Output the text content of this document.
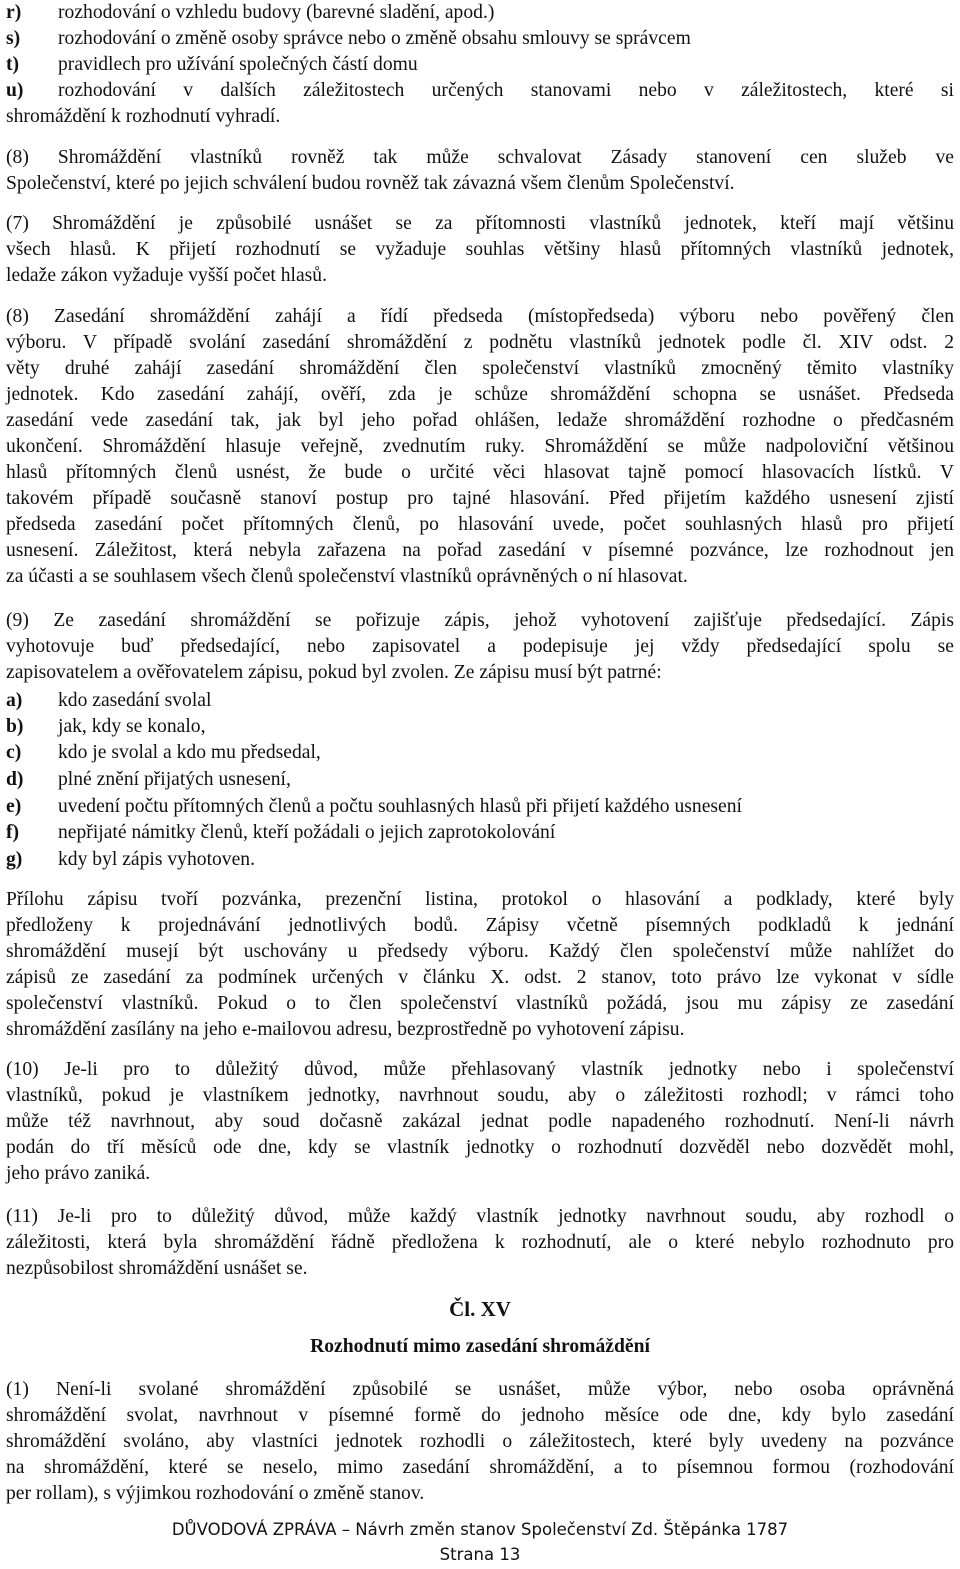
r) rozhodování o vzhledu budovy (barevné sladění, apod.)
s) rozhodování o změně osoby správce nebo o změně obsahu smlouvy se správcem
t) pravidlech pro užívání společných částí domu
u) rozhodování v dalších záležitostech určených stanovami nebo v záležitostech, které si
shromáždění k rozhodnutí vyhradí.
(8) Shromáždění vlastníků rovněž tak může schvalovat Zásady stanovení cen služeb ve
Společenství, které po jejich schválení budou rovněž tak závazná všem členům Společenství.
(7) Shromáždění je způsobilé usnášet se za přítomnosti vlastníků jednotek, kteří mají většinu
všech hlasů. K přijetí rozhodnutí se vyžaduje souhlas většiny hlasů přítomných vlastníků jednotek,
ledaže zákon vyžaduje vyšší počet hlasů.
(8) Zasedání shromáždění zahájí a řídí předseda (místopředseda) výboru nebo pověřený člen
výboru. V případě svolání zasedání shromáždění z podnětu vlastníků jednotek podle čl. XIV odst. 2
věty druhé zahájí zasedání shromáždění člen společenství vlastníků zmocněný těmito vlastníky
jednotek. Kdo zasedání zahájí, ověří, zda je schůze shromáždění schopna se usnášet. Předseda
zasedání vede zasedání tak, jak byl jeho pořad ohlášen, ledaže shromáždění rozhodne o předčasném
ukončení. Shromáždění hlasuje veřejně, zvednutím ruky. Shromáždění se může nadpoloviční většinou
hlasů přítomných členů usnést, že bude o určité věci hlasovat tajně pomocí hlasovacích lístků. V
takovém případě současně stanoví postup pro tajné hlasování. Před přijetím každého usnesení zjistí
předseda zasedání počet přítomných členů, po hlasování uvede, počet souhlasných hlasů pro přijetí
usnesení. Záležitost, která nebyla zařazena na pořad zasedání v písemné pozvánce, lze rozhodnout jen
za účasti a se souhlasem všech členů společenství vlastníků oprávněných o ní hlasovat.
(9) Ze zasedání shromáždění se pořizuje zápis, jehož vyhotovení zajišťuje předsedající. Zápis
vyhotovuje buď předsedající, nebo zapisovatel a podepisuje jej vždy předsedající spolu se
zapisovatelem a ověřovatelem zápisu, pokud byl zvolen. Ze zápisu musí být patrné:
a) kdo zasedání svolal
b) jak, kdy se konalo,
c) kdo je svolal a kdo mu předsedal,
d) plné znění přijatých usnesení,
e) uvedení počtu přítomných členů a počtu souhlasných hlasů při přijetí každého usnesení
f) nepřijaté námitky členů, kteří požádali o jejich zaprotokolování
g) kdy byl zápis vyhotoven.
Přílohu zápisu tvoří pozvánka, prezenční listina, protokol o hlasování a podklady, které byly
předloženy k projednávání jednotlivých bodů. Zápisy včetně písemných podkladů k jednání
shromáždění musejí být uschovány u předsedy výboru. Každý člen společenství může nahlížet do
zápisů ze zasedání za podmínek určených v článku X. odst. 2 stanov, toto právo lze vykonat v sídle
společenství vlastníků. Pokud o to člen společenství vlastníků požádá, jsou mu zápisy ze zasedání
shromáždění zasílány na jeho e-mailovou adresu, bezprostředně po vyhotovení zápisu.
(10) Je-li pro to důležitý důvod, může přehlasovaný vlastník jednotky nebo i společenství
vlastníků, pokud je vlastníkem jednotky, navrhnout soudu, aby o záležitosti rozhodl; v rámci toho
může též navrhnout, aby soud dočasně zakázal jednat podle napadeného rozhodnutí. Není-li návrh
podán do tří měsíců ode dne, kdy se vlastník jednotky o rozhodnutí dozvěděl nebo dozvědět mohl,
jeho právo zaniká.
(11) Je-li pro to důležitý důvod, může každý vlastník jednotky navrhnout soudu, aby rozhodl o
záležitosti, která byla shromáždění řádně předložena k rozhodnutí, ale o které nebylo rozhodnuto pro
nezpůsobilost shromáždění usnášet se.
Čl. XV
Rozhodnutí mimo zasedání shromáždění
(1) Není-li svolané shromáždění způsobilé se usnášet, může výbor, nebo osoba oprávněná
shromáždění svolat, navrhnout v písemné formě do jednoho měsíce ode dne, kdy bylo zasedání
shromáždění svoláno, aby vlastníci jednotek rozhodli o záležitostech, které byly uvedeny na pozvánce
na shromáždění, které se neselo, mimo zasedání shromáždění, a to písemnou formou (rozhodování
per rollam), s výjimkou rozhodování o změně stanov.
DŮVODOVÁ ZPRÁVA – Návrh změn stanov Společenství Zd. Štěpánka 1787
Strana 13
